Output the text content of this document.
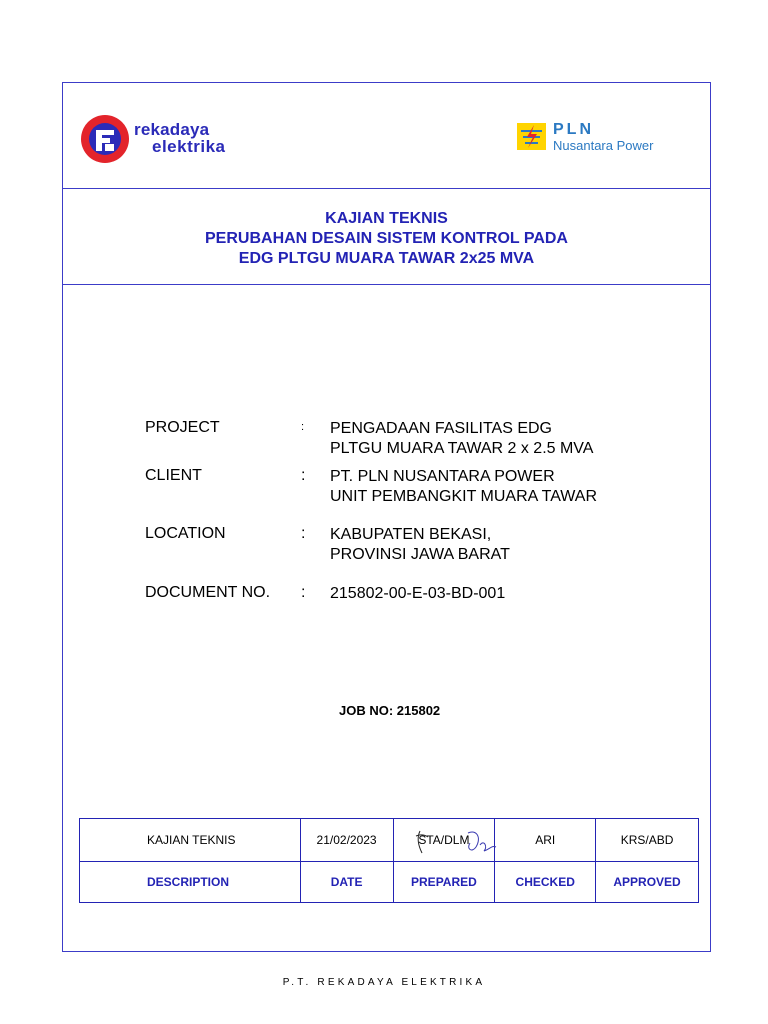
rekadaya
elektrika
PLN
Nusantara Power
KAJIAN TEKNIS
PERUBAHAN DESAIN SISTEM KONTROL PADA
EDG PLTGU MUARA TAWAR 2x25 MVA
PROJECT	: PENGADAAN FASILITAS EDG
PLTGU MUARA TAWAR 2 x 2.5 MVA
CLIENT	: PT. PLN NUSANTARA POWER
UNIT PEMBANGKIT MUARA TAWAR
LOCATION	: KABUPATEN BEKASI,
PROVINSI JAWA BARAT
DOCUMENT NO. : 215802-00-E-03-BD-001
JOB NO: 215802
KAJIAN TEKNIS	21/02/2023	STA/DLM	ARI	KRS/ABD
DESCRIPTION	DATE	PREPARED	CHECKED	APPROVED
P.T. REKADAYA ELEKTRIKA
